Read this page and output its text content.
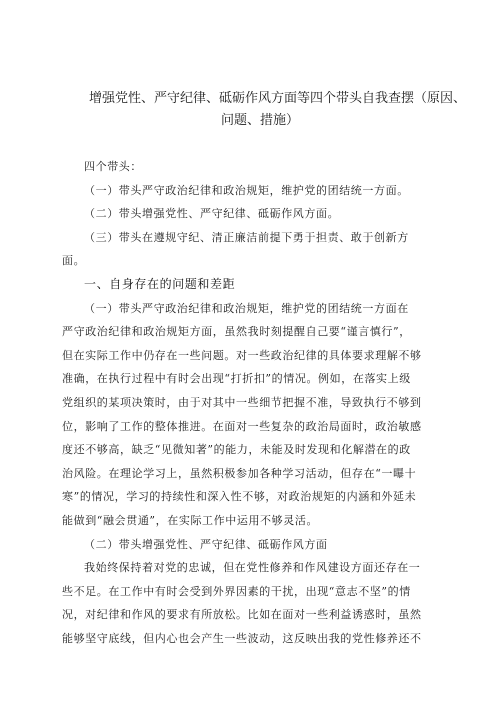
增强党性、严守纪律、砥砺作风方面等四个带头自我查摆（原因、
问题、措施）

四个带头：

（一）带头严守政治纪律和政治规矩，维护党的团结统一方面。

（二）带头增强党性、严守纪律、砥砺作风方面。

（三）带头在遵规守纪、清正廉洁前提下勇于担责、敢于创新方
面。

一、自身存在的问题和差距

（一）带头严守政治纪律和政治规矩，维护党的团结统一方面在
严守政治纪律和政治规矩方面，虽然我时刻提醒自己要“谨言慎行”，
但在实际工作中仍存在一些问题。对一些政治纪律的具体要求理解不够
准确，在执行过程中有时会出现“打折扣”的情况。例如，在落实上级
党组织的某项决策时，由于对其中一些细节把握不准，导致执行不够到
位，影响了工作的整体推进。在面对一些复杂的政治局面时，政治敏感
度还不够高，缺乏“见微知著”的能力，未能及时发现和化解潜在的政
治风险。在理论学习上，虽然积极参加各种学习活动，但存在“一曝十
寒”的情况，学习的持续性和深入性不够，对政治规矩的内涵和外延未
能做到“融会贯通”，在实际工作中运用不够灵活。

（二）带头增强党性、严守纪律、砥砺作风方面

我始终保持着对党的忠诚，但在党性修养和作风建设方面还存在一
些不足。在工作中有时会受到外界因素的干扰，出现“意志不坚”的情
况，对纪律和作风的要求有所放松。比如在面对一些利益诱惑时，虽然
能够坚守底线，但内心也会产生一些波动，这反映出我的党性修养还不
